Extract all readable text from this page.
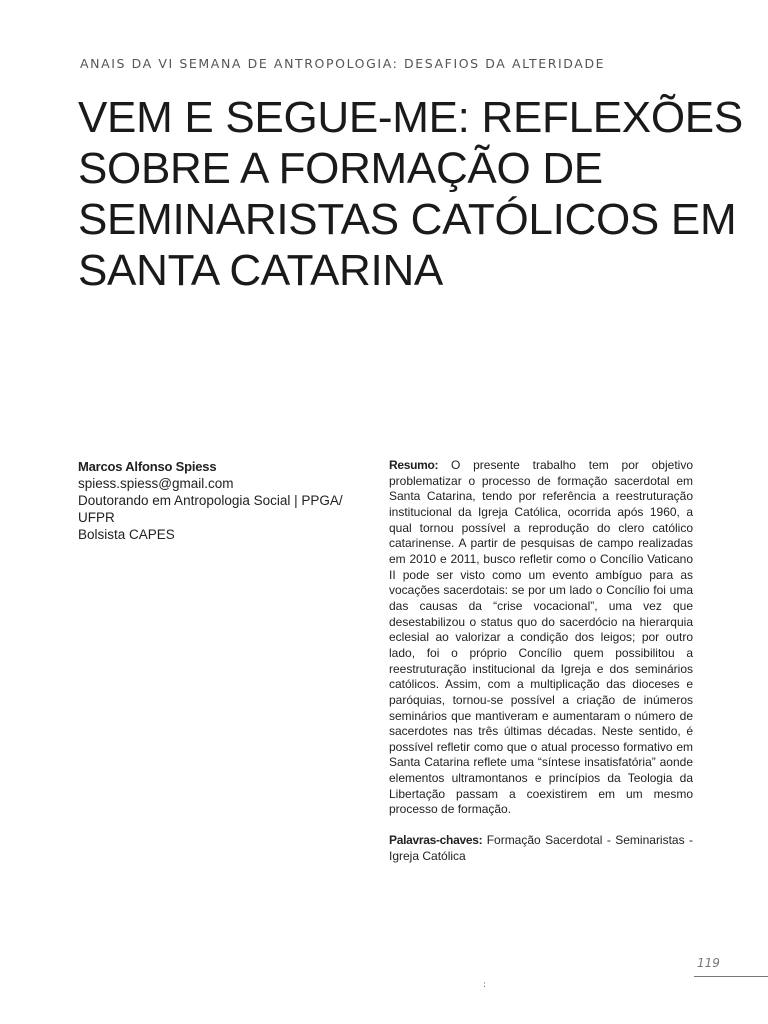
ANAIS DA VI SEMANA DE ANTROPOLOGIA: DESAFIOS DA ALTERIDADE
VEM E SEGUE-ME: REFLEXÕES
SOBRE A FORMAÇÃO DE
SEMINARISTAS CATÓLICOS EM
SANTA CATARINA
Marcos Alfonso Spiess
spiess.spiess@gmail.com
Doutorando em Antropologia Social | PPGA/
UFPR
Bolsista CAPES

Resumo: O presente trabalho tem por objetivo problematizar o processo de formação sacerdotal em Santa Catarina, tendo por referência a reestruturação institucional da Igreja Católica, ocorrida após 1960, a qual tornou possível a reprodução do clero católico catarinense. A partir de pesquisas de campo realizadas em 2010 e 2011, busco refletir como o Concílio Vaticano II pode ser visto como um evento ambíguo para as vocações sacerdotais: se por um lado o Concílio foi uma das causas da “crise vocacional”, uma vez que desestabilizou o status quo do sacerdócio na hierarquia eclesial ao valorizar a condição dos leigos; por outro lado, foi o próprio Concílio quem possibilitou a reestruturação institucional da Igreja e dos seminários católicos. Assim, com a multiplicação das dioceses e paróquias, tornou-se possível a criação de inúmeros seminários que mantiveram e aumentaram o número de sacerdotes nas três últimas décadas. Neste sentido, é possível refletir como que o atual processo formativo em Santa Catarina reflete uma “síntese insatisfatória” aonde elementos ultramontanos e princípios da Teologia da Libertação passam a coexistirem em um mesmo processo de formação.

Palavras-chaves: Formação Sacerdotal - Seminaristas - Igreja Católica

119
:
